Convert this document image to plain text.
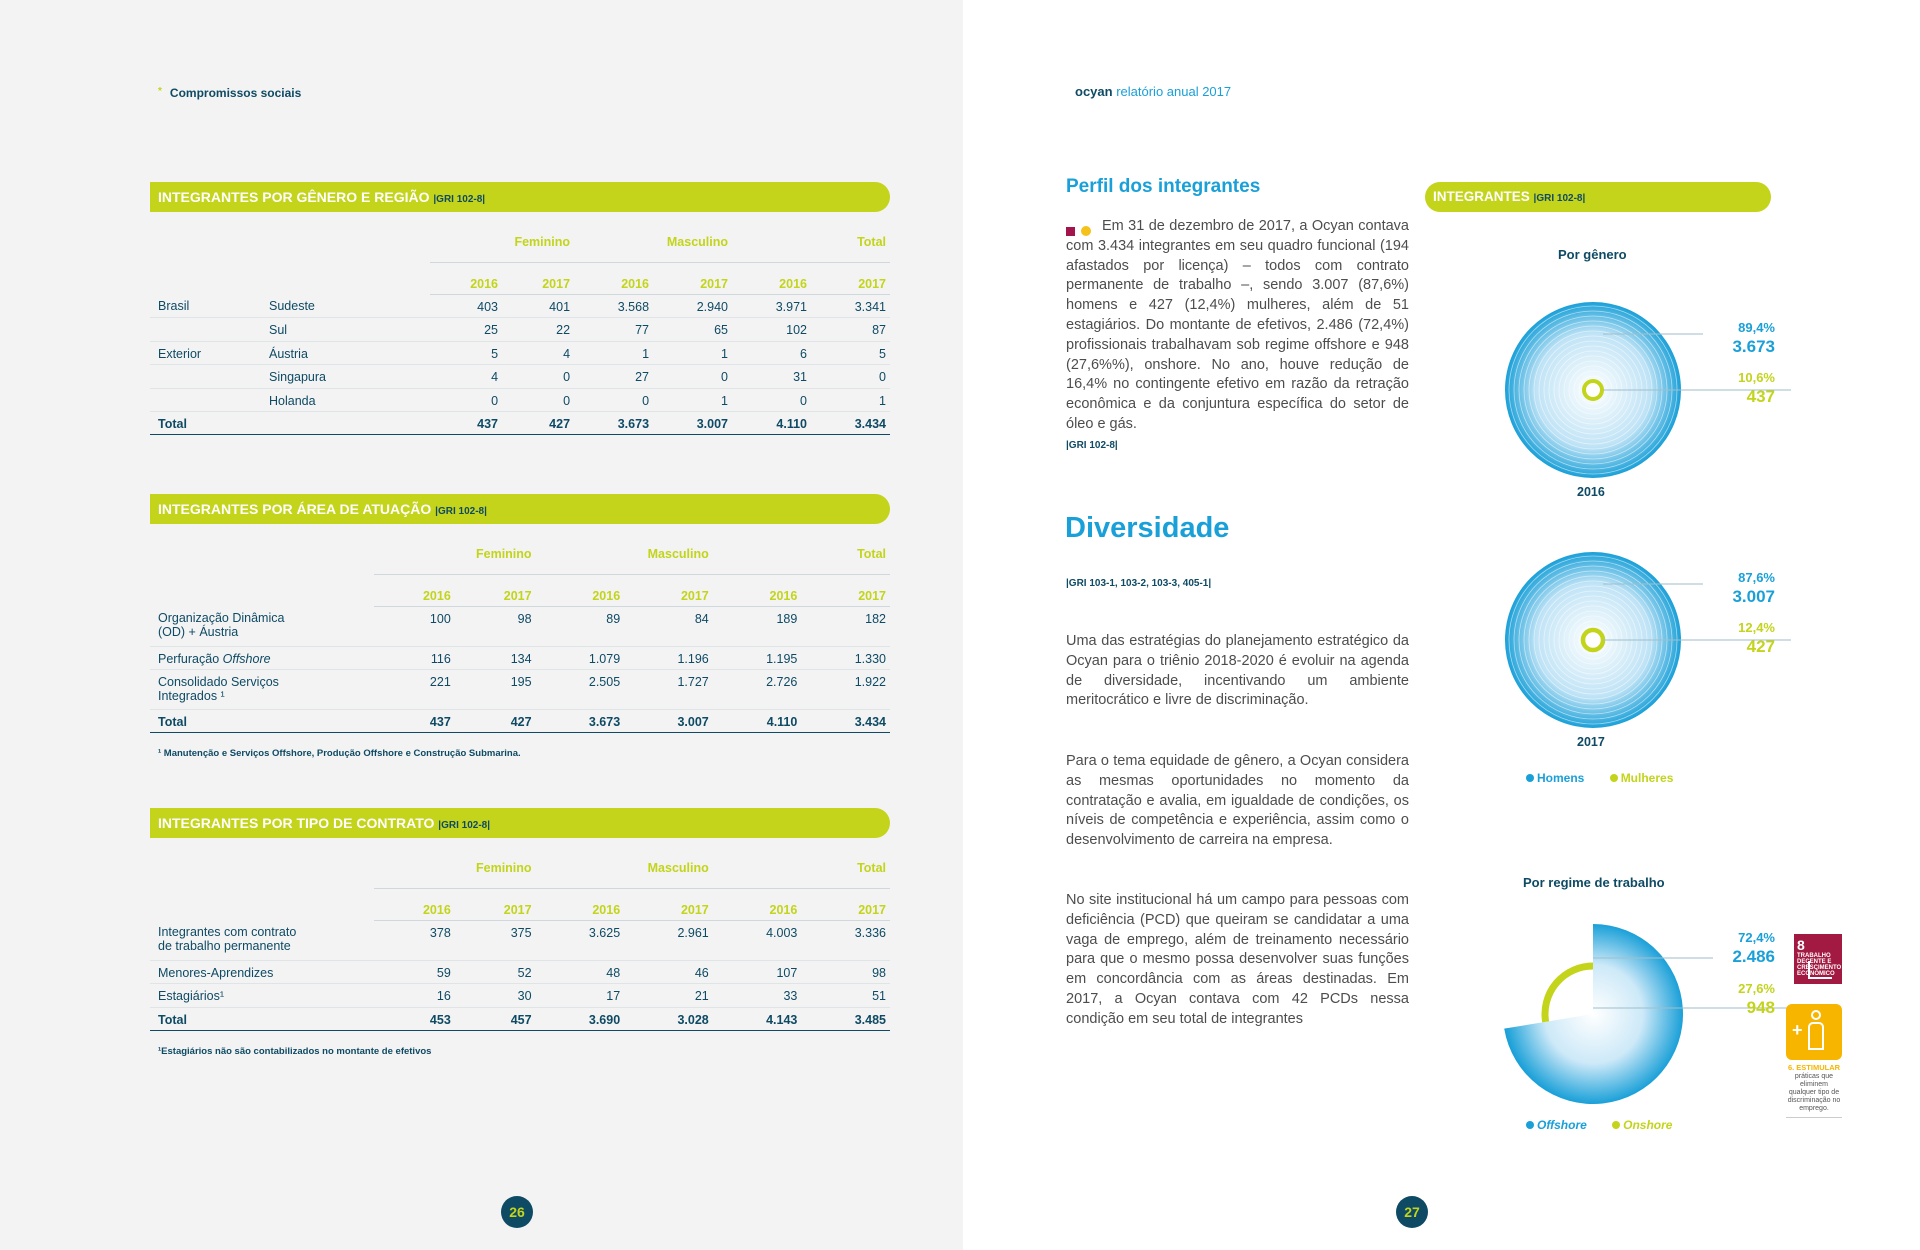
* Compromissos sociais
INTEGRANTES POR GÊNERO E REGIÃO |GRI 102-8|
		Feminino		Masculino		Total	
		2016	2017	2016	2017	2016	2017
Brasil	Sudeste	403	401	3.568	2.940	3.971	3.341
	Sul	25	22	77	65	102	87
Exterior	Áustria	5	4	1	1	6	5
	Singapura	4	0	27	0	31	0
	Holanda	0	0	0	1	0	1
Total		437	427	3.673	3.007	4.110	3.434
INTEGRANTES POR ÁREA DE ATUAÇÃO |GRI 102-8|
	Feminino		Masculino		Total	
	2016	2017	2016	2017	2016	2017
Organização Dinâmica
(OD) + Áustria	100	98	89	84	189	182
Perfuração Offshore	116	134	1.079	1.196	1.195	1.330
Consolidado Serviços
Integrados ¹	221	195	2.505	1.727	2.726	1.922
Total	437	427	3.673	3.007	4.110	3.434
¹ Manutenção e Serviços Offshore, Produção Offshore e Construção Submarina.
INTEGRANTES POR TIPO DE CONTRATO |GRI 102-8|
	Feminino		Masculino		Total	
	2016	2017	2016	2017	2016	2017
Integrantes com contrato
de trabalho permanente	378	375	3.625	2.961	4.003	3.336
Menores-Aprendizes	59	52	48	46	107	98
Estagiários¹	16	30	17	21	33	51
Total	453	457	3.690	3.028	4.143	3.485
¹Estagiários não são contabilizados no montante de efetivos
26
ocyan relatório anual 2017
Perfil dos integrantes
Em 31 de dezembro de 2017, a Ocyan contava com 3.434 integrantes em seu quadro funcional (194 afastados por licença) – todos com contrato permanente de trabalho –, sendo 3.007 (87,6%) homens e 427 (12,4%) mulheres, além de 51 estagiários. Do montante de efetivos, 2.486 (72,4%) profissionais trabalhavam sob regime offshore e 948 (27,6%%), onshore. No ano, houve redução de 16,4% no contingente efetivo em razão da retração econômica e da conjuntura específica do setor de óleo e gás.
|GRI 102-8|
Diversidade
|GRI 103-1, 103-2, 103-3, 405-1|
Uma das estratégias do planejamento estratégico da Ocyan para o triênio 2018-2020 é evoluir na agenda de diversidade, incentivando um ambiente meritocrático e livre de discriminação.
Para o tema equidade de gênero, a Ocyan considera as mesmas oportunidades no momento da contratação e avalia, em igualdade de condições, os níveis de competência e experiência, assim como o desenvolvimento de carreira na empresa.
No site institucional há um campo para pessoas com deficiência (PCD) que queiram se candidatar a uma vaga de emprego, além de treinamento necessário para que o mesmo possa desenvolver suas funções em concordância com as áreas destinadas. Em 2017, a Ocyan contava com 42 PCDs nessa condição em seu total de integrantes
INTEGRANTES |GRI 102-8|
Por gênero
89,4%
3.673
10,6%
437
2016
87,6%
3.007
12,4%
427
2017
Homens	Mulheres
Por regime de trabalho
72,4%
2.486
27,6%
948
Offshore	Onshore
8 TRABALHO DECENTE E CRESCIMENTO ECONÔMICO
+
6. ESTIMULAR
práticas que eliminem qualquer tipo de discriminação no emprego.
27
